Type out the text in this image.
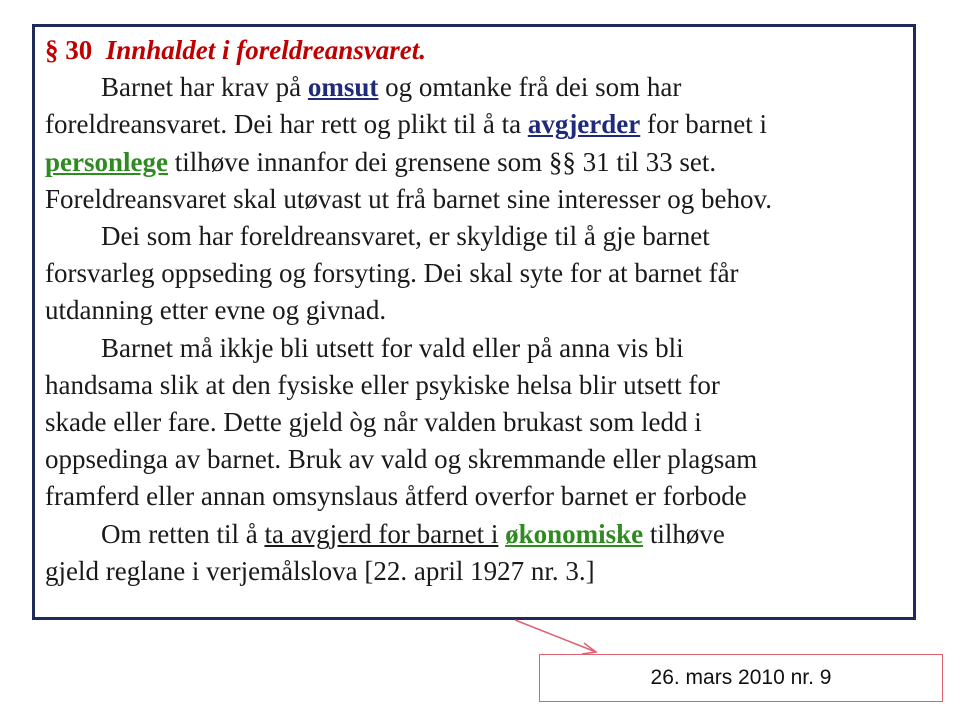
§ 30 Innhaldet i foreldreansvaret.
Barnet har krav på omsut og omtanke frå dei som har
foreldreansvaret. Dei har rett og plikt til å ta avgjerder for barnet i
personlege tilhøve innanfor dei grensene som §§ 31 til 33 set.
Foreldreansvaret skal utøvast ut frå barnet sine interesser og behov.
Dei som har foreldreansvaret, er skyldige til å gje barnet
forsvarleg oppseding og forsyting. Dei skal syte for at barnet får
utdanning etter evne og givnad.
Barnet må ikkje bli utsett for vald eller på anna vis bli
handsama slik at den fysiske eller psykiske helsa blir utsett for
skade eller fare. Dette gjeld òg når valden brukast som ledd i
oppsedinga av barnet. Bruk av vald og skremmande eller plagsam
framferd eller annan omsynslaus åtferd overfor barnet er forbode
Om retten til å ta avgjerd for barnet i økonomiske tilhøve
gjeld reglane i verjemålslova [22. april 1927 nr. 3.]
26. mars 2010 nr. 9
